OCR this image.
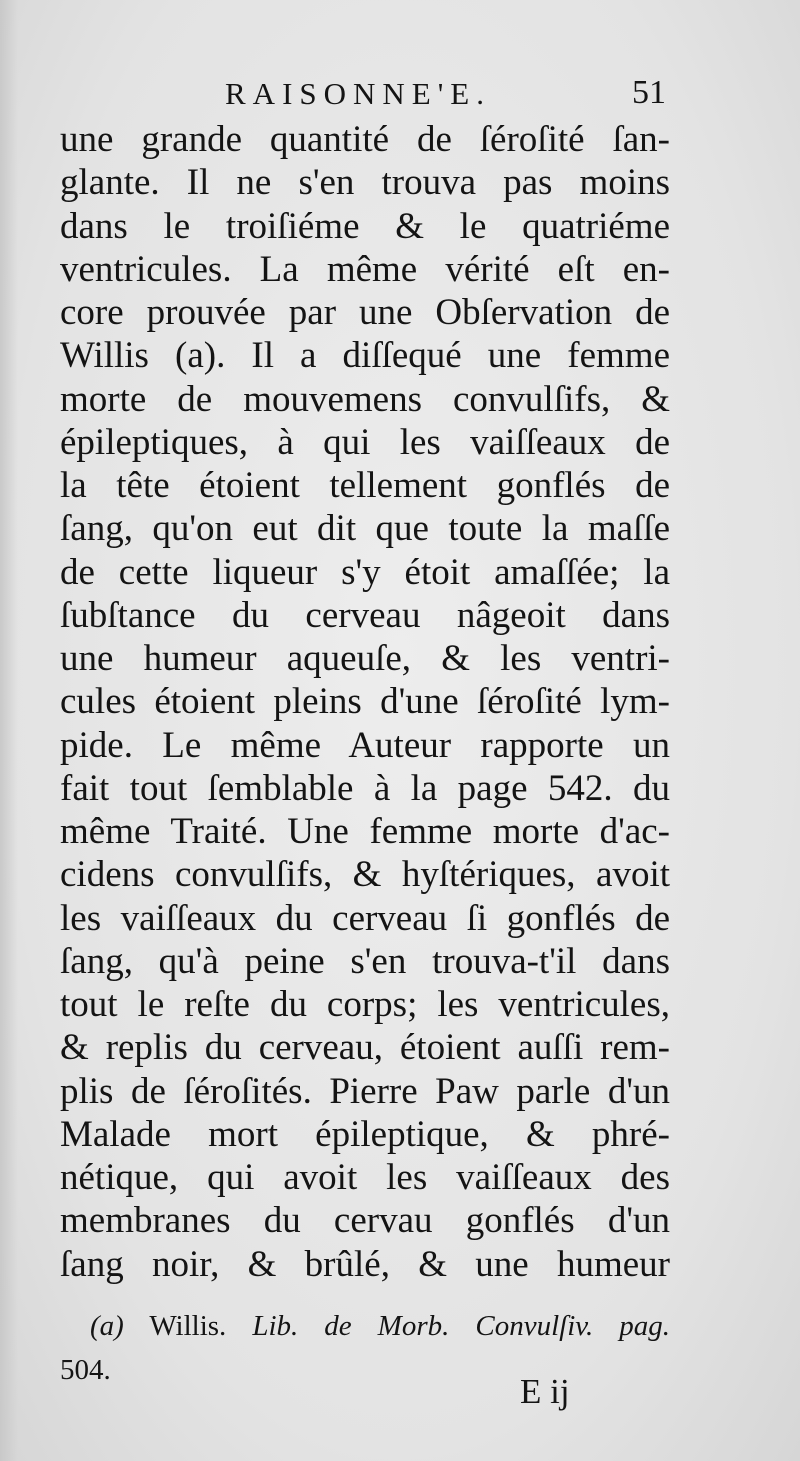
RAISONNE'E.	51
une grande quantité de ſéroſité ſan-
glante. Il ne s'en trouva pas moins
dans le troiſiéme & le quatriéme
ventricules. La même vérité eſt en-
core prouvée par une Obſervation de
Willis (a). Il a diſſequé une femme
morte de mouvemens convulſifs, &
épileptiques, à qui les vaiſſeaux de
la tête étoient tellement gonflés de
ſang, qu'on eut dit que toute la maſſe
de cette liqueur s'y étoit amaſſée; la
ſubſtance du cerveau nâgeoit dans
une humeur aqueuſe, & les ventri-
cules étoient pleins d'une ſéroſité lym-
pide. Le même Auteur rapporte un
fait tout ſemblable à la page 542. du
même Traité. Une femme morte d'ac-
cidens convulſifs, & hyſtériques, avoit
les vaiſſeaux du cerveau ſi gonflés de
ſang, qu'à peine s'en trouva-t'il dans
tout le reſte du corps; les ventricules,
& replis du cerveau, étoient auſſi rem-
plis de ſéroſités. Pierre Paw parle d'un
Malade mort épileptique, & phré-
nétique, qui avoit les vaiſſeaux des
membranes du cervau gonflés d'un
ſang noir, & brûlé, & une humeur
(a) Willis. Lib. de Morb. Convulſiv. pag.
504.
E ij
